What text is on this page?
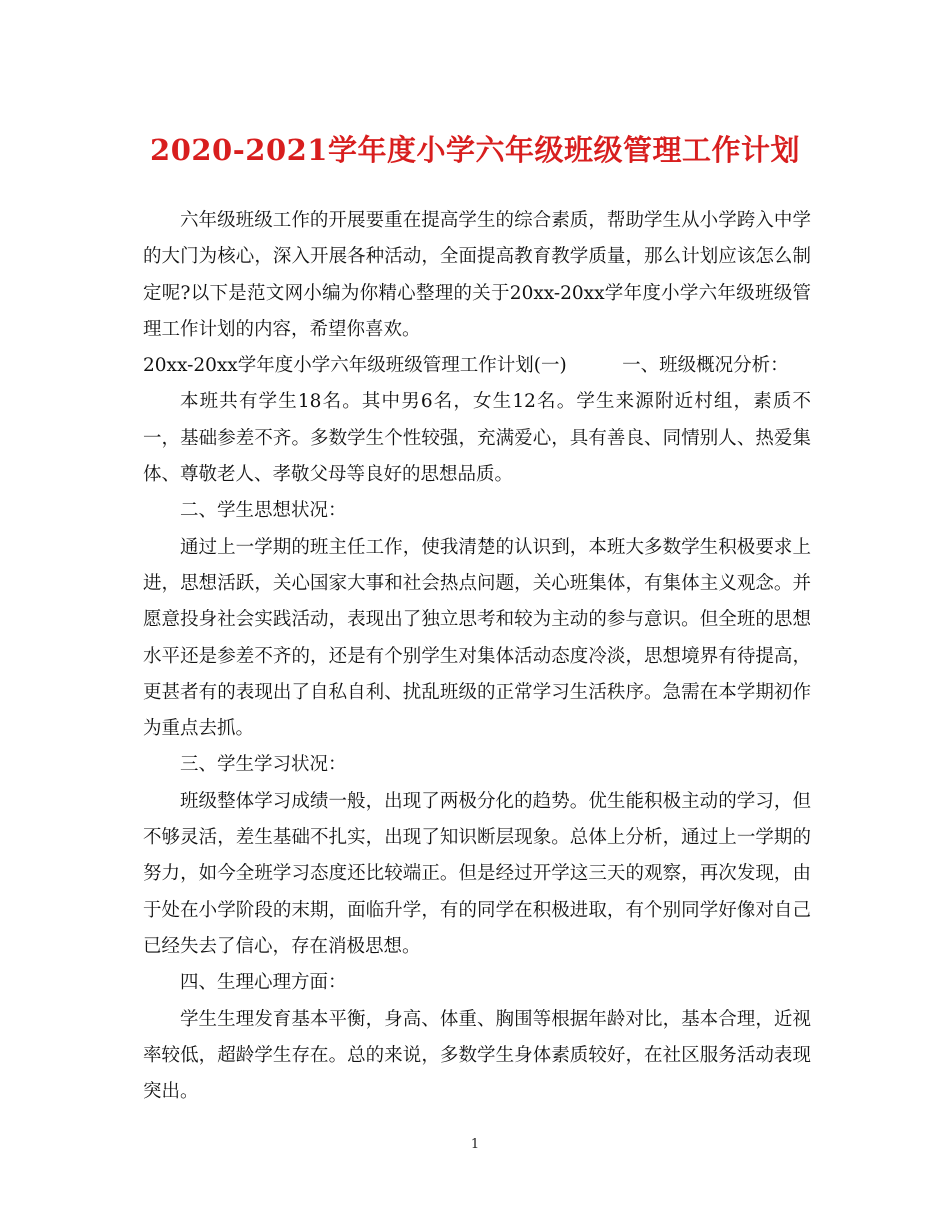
2020-2021学年度小学六年级班级管理工作计划

六年级班级工作的开展要重在提高学生的综合素质，帮助学生从小学跨入中学的大门为核心，深入开展各种活动，全面提高教育教学质量，那么计划应该怎么制定呢?以下是范文网小编为你精心整理的关于20xx-20xx学年度小学六年级班级管理工作计划的内容，希望你喜欢。

20xx-20xx学年度小学六年级班级管理工作计划(一)　　　一、班级概况分析：

本班共有学生18名。其中男6名，女生12名。学生来源附近村组，素质不一，基础参差不齐。多数学生个性较强，充满爱心，具有善良、同情别人、热爱集体、尊敬老人、孝敬父母等良好的思想品质。

二、学生思想状况：

通过上一学期的班主任工作，使我清楚的认识到，本班大多数学生积极要求上进，思想活跃，关心国家大事和社会热点问题，关心班集体，有集体主义观念。并愿意投身社会实践活动，表现出了独立思考和较为主动的参与意识。但全班的思想水平还是参差不齐的，还是有个别学生对集体活动态度冷淡，思想境界有待提高，更甚者有的表现出了自私自利、扰乱班级的正常学习生活秩序。急需在本学期初作为重点去抓。

三、学生学习状况：

班级整体学习成绩一般，出现了两极分化的趋势。优生能积极主动的学习，但不够灵活，差生基础不扎实，出现了知识断层现象。总体上分析，通过上一学期的努力，如今全班学习态度还比较端正。但是经过开学这三天的观察，再次发现，由于处在小学阶段的末期，面临升学，有的同学在积极进取，有个别同学好像对自己已经失去了信心，存在消极思想。

四、生理心理方面：

学生生理发育基本平衡，身高、体重、胸围等根据年龄对比，基本合理，近视率较低，超龄学生存在。总的来说，多数学生身体素质较好，在社区服务活动表现突出。

1
